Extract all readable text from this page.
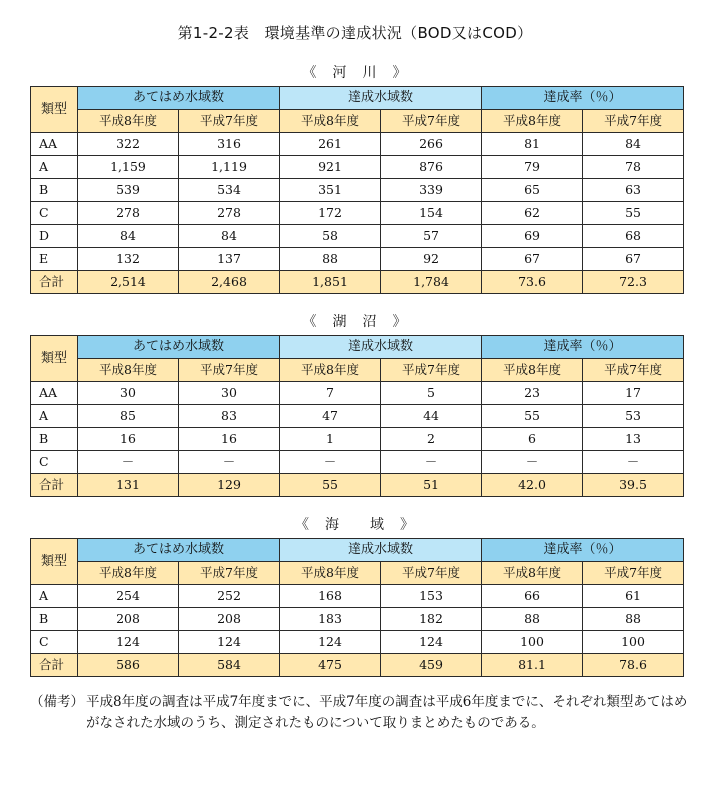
第1-2-2表　環境基準の達成状況（BOD又はCOD）
《　河　川　》
類型	あてはめ水域数		達成水域数		達成率（％）	
	平成8年度	平成7年度	平成8年度	平成7年度	平成8年度	平成7年度
AA	322	316	261	266	81	84
A	1,159	1,119	921	876	79	78
B	539	534	351	339	65	63
C	278	278	172	154	62	55
D	84	84	58	57	69	68
E	132	137	88	92	67	67
合計	2,514	2,468	1,851	1,784	73.6	72.3
《　湖　沼　》
類型	あてはめ水域数		達成水域数		達成率（％）	
	平成8年度	平成7年度	平成8年度	平成7年度	平成8年度	平成7年度
AA	30	30	7	5	23	17
A	85	83	47	44	55	53
B	16	16	1	2	6	13
C	－	－	－	－	－	－
合計	131	129	55	51	42.0	39.5
《　海　　域　》
類型	あてはめ水域数		達成水域数		達成率（％）	
	平成8年度	平成7年度	平成8年度	平成7年度	平成8年度	平成7年度
A	254	252	168	153	66	61
B	208	208	183	182	88	88
C	124	124	124	124	100	100
合計	586	584	475	459	81.1	78.6
（備考） 平成8年度の調査は平成7年度までに、平成7年度の調査は平成6年度までに、それぞれ類型あてはめがなされた水域のうち、測定されたものについて取りまとめたものである。
